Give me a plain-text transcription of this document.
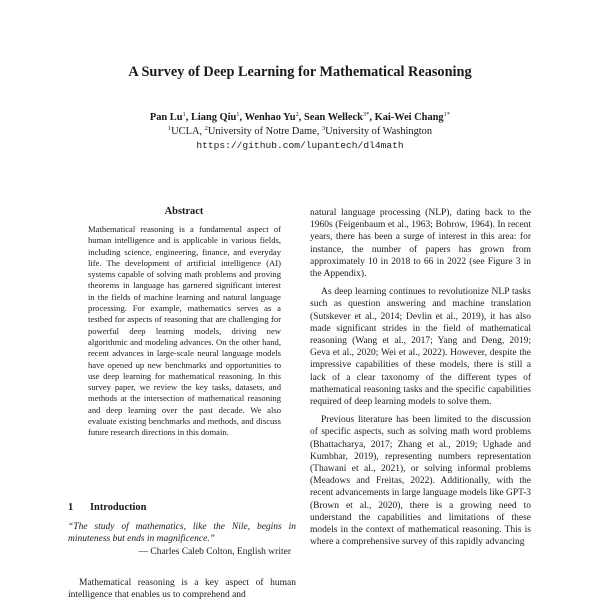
A Survey of Deep Learning for Mathematical Reasoning
Pan Lu$^1$, Liang Qiu$^1$, Wenhao Yu$^2$, Sean Welleck$^{3*}$, Kai-Wei Chang$^{1*}$
$^1$UCLA, $^2$University of Notre Dame, $^3$University of Washington
https://github.com/lupantech/dl4math
Abstract

Mathematical reasoning is a fundamental aspect of human intelligence and is applicable in various fields, including science, engineering, finance, and everyday life. The development of artificial intelligence (AI) systems capable of solving math problems and proving theorems in language has garnered significant interest in the fields of machine learning and natural language processing. For example, mathematics serves as a testbed for aspects of reasoning that are challenging for powerful deep learning models, driving new algorithmic and modeling advances. On the other hand, recent advances in large-scale neural language models have opened up new benchmarks and opportunities to use deep learning for mathematical reasoning. In this survey paper, we review the key tasks, datasets, and methods at the intersection of mathematical reasoning and deep learning over the past decade. We also evaluate existing benchmarks and methods, and discuss future research directions in this domain.

1 Introduction

“The study of mathematics, like the Nile, begins in minuteness but ends in magnificence.”

— Charles Caleb Colton, English writer

Mathematical reasoning is a key aspect of human intelligence that enables us to comprehend and

natural language processing (NLP), dating back to the 1960s (Feigenbaum et al., 1963; Bobrow, 1964). In recent years, there has been a surge of interest in this area: for instance, the number of papers has grown from approximately 10 in 2018 to 66 in 2022 (see Figure 3 in the Appendix).

As deep learning continues to revolutionize NLP tasks such as question answering and machine translation (Sutskever et al., 2014; Devlin et al., 2019), it has also made significant strides in the field of mathematical reasoning (Wang et al., 2017; Yang and Deng, 2019; Geva et al., 2020; Wei et al., 2022). However, despite the impressive capabilities of these models, there is still a lack of a clear taxonomy of the different types of mathematical reasoning tasks and the specific capabilities required of deep learning models to solve them.

Previous literature has been limited to the discussion of specific aspects, such as solving math word problems (Bhattacharya, 2017; Zhang et al., 2019; Ughade and Kumbhar, 2019), representing numbers representation (Thawani et al., 2021), or solving informal problems (Meadows and Freitas, 2022). Additionally, with the recent advancements in large language models like GPT-3 (Brown et al., 2020), there is a growing need to understand the capabilities and limitations of these models in the context of mathematical reasoning. This is where a comprehensive survey of this rapidly advancing
